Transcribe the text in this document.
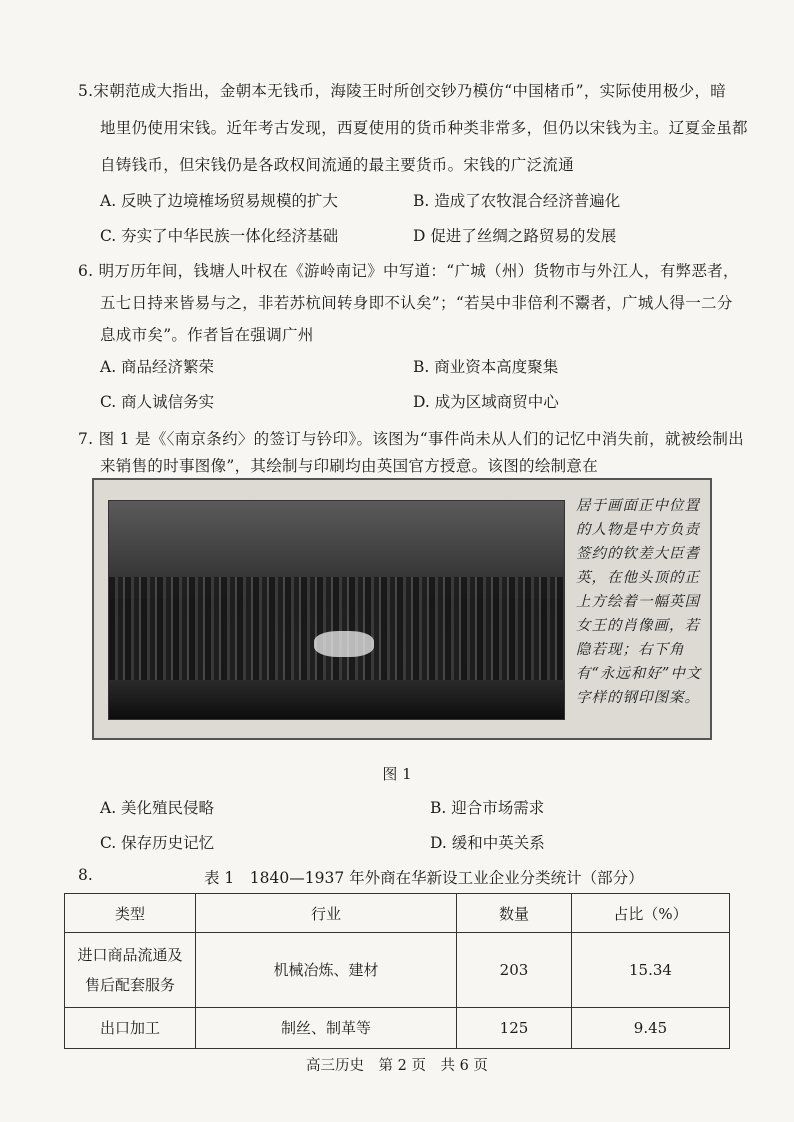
5.宋朝范成大指出，金朝本无钱币，海陵王时所创交钞乃模仿“中国楮币”，实际使用极少，暗
地里仍使用宋钱。近年考古发现，西夏使用的货币种类非常多，但仍以宋钱为主。辽夏金虽都
自铸钱币，但宋钱仍是各政权间流通的最主要货币。宋钱的广泛流通
A. 反映了边境榷场贸易规模的扩大	B. 造成了农牧混合经济普遍化
C. 夯实了中华民族一体化经济基础	D 促进了丝绸之路贸易的发展
6. 明万历年间，钱塘人叶权在《游岭南记》中写道：“广城（州）货物市与外江人，有弊恶者，
五七日持来皆易与之，非若苏杭间转身即不认矣”；“若吴中非倍利不鬻者，广城人得一二分
息成市矣”。作者旨在强调广州
A. 商品经济繁荣	B. 商业资本高度聚集
C. 商人诚信务实	D. 成为区域商贸中心
7. 图 1 是《〈南京条约〉的签订与钤印》。该图为“事件尚未从人们的记忆中消失前，就被绘制出
来销售的时事图像”，其绘制与印刷均由英国官方授意。该图的绘制意在
居于画面正中位置的人物是中方负责签约的钦差大臣耆英，在他头顶的正上方绘着一幅英国女王的肖像画，若隐若现；右下角有“永远和好”中文字样的钢印图案。
图 1
A. 美化殖民侵略	B. 迎合市场需求
C. 保存历史记忆	D. 缓和中英关系
8.	表 1　1840—1937 年外商在华新设工业企业分类统计（部分）
类型	行业	数量	占比（%）

进口商品流通及
售后配套服务	机械冶炼、建材	203	15.34
出口加工	制丝、制革等	125	9.45
高三历史　第 2 页　共 6 页
